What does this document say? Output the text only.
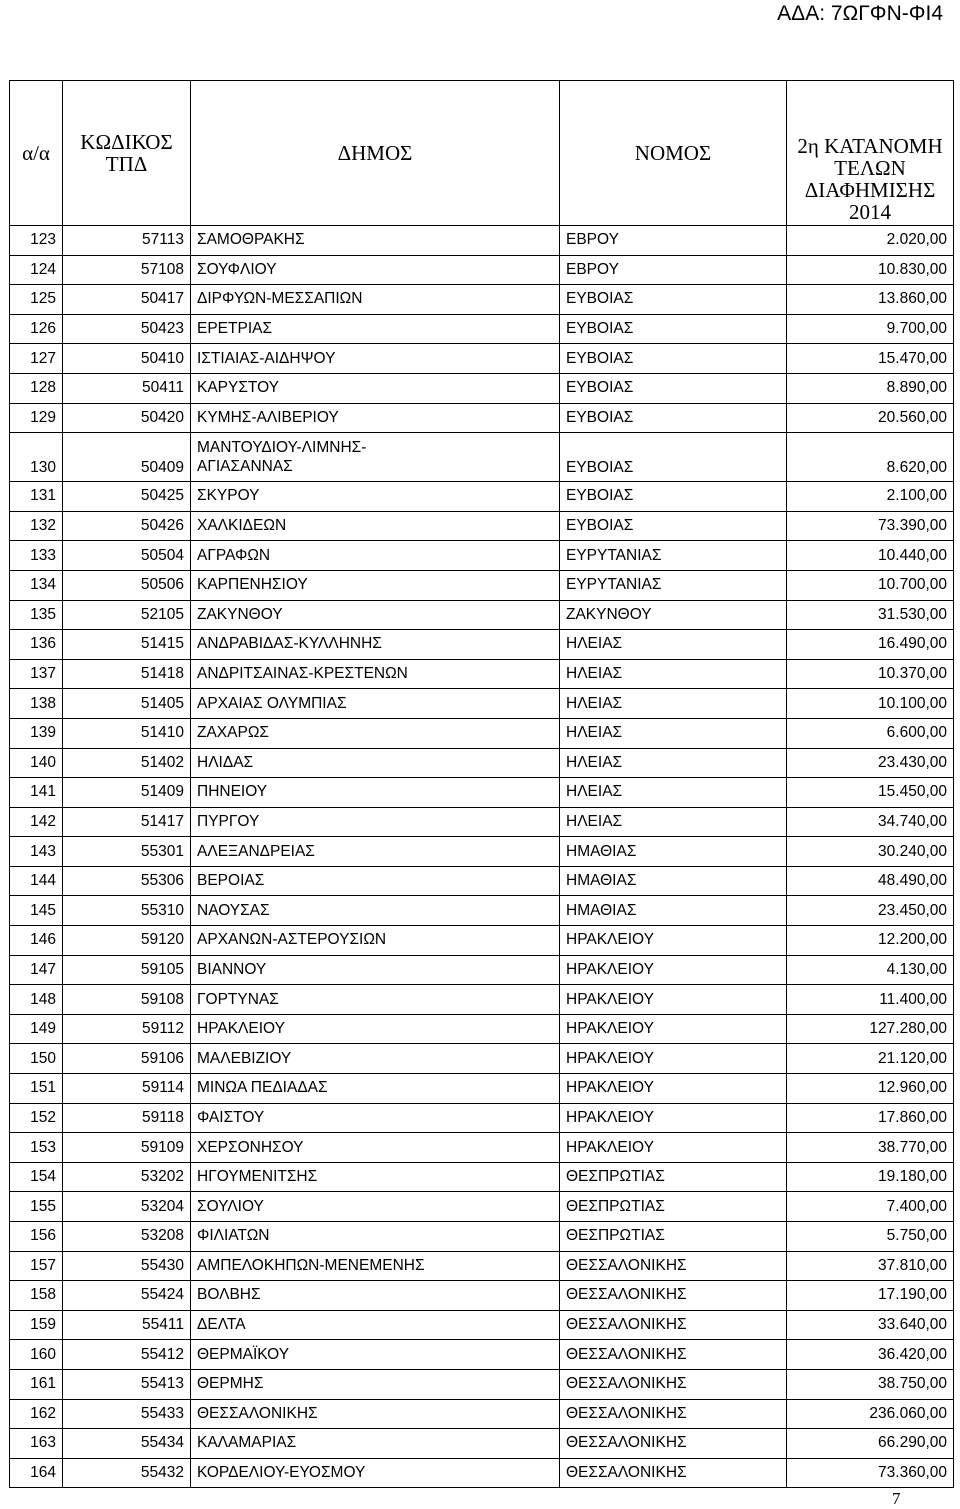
ΑΔΑ: 7ΩΓΦΝ-ΦΙ4
α/α	ΚΩΔΙΚΟΣ ΤΠΔ	ΔΗΜΟΣ	ΝΟΜΟΣ	2η ΚΑΤΑΝΟΜΗ ΤΕΛΩΝ ΔΙΑΦΗΜΙΣΗΣ 2014
123	57113	ΣΑΜΟΘΡΑΚΗΣ	ΕΒΡΟΥ	2.020,00
124	57108	ΣΟΥΦΛΙΟΥ	ΕΒΡΟΥ	10.830,00
125	50417	ΔΙΡΦΥΩΝ-ΜΕΣΣΑΠΙΩΝ	ΕΥΒΟΙΑΣ	13.860,00
126	50423	ΕΡΕΤΡΙΑΣ	ΕΥΒΟΙΑΣ	9.700,00
127	50410	ΙΣΤΙΑΙΑΣ-ΑΙΔΗΨΟΥ	ΕΥΒΟΙΑΣ	15.470,00
128	50411	ΚΑΡΥΣΤΟΥ	ΕΥΒΟΙΑΣ	8.890,00
129	50420	ΚΥΜΗΣ-ΑΛΙΒΕΡΙΟΥ	ΕΥΒΟΙΑΣ	20.560,00
130	50409	ΜΑΝΤΟΥΔΙΟΥ-ΛΙΜΝΗΣ-
ΑΓΙΑΣΑΝΝΑΣ	ΕΥΒΟΙΑΣ	8.620,00
131	50425	ΣΚΥΡΟΥ	ΕΥΒΟΙΑΣ	2.100,00
132	50426	ΧΑΛΚΙΔΕΩΝ	ΕΥΒΟΙΑΣ	73.390,00
133	50504	ΑΓΡΑΦΩΝ	ΕΥΡΥΤΑΝΙΑΣ	10.440,00
134	50506	ΚΑΡΠΕΝΗΣΙΟΥ	ΕΥΡΥΤΑΝΙΑΣ	10.700,00
135	52105	ΖΑΚΥΝΘΟΥ	ΖΑΚΥΝΘΟΥ	31.530,00
136	51415	ΑΝΔΡΑΒΙΔΑΣ-ΚΥΛΛΗΝΗΣ	ΗΛΕΙΑΣ	16.490,00
137	51418	ΑΝΔΡΙΤΣΑΙΝΑΣ-ΚΡΕΣΤΕΝΩΝ	ΗΛΕΙΑΣ	10.370,00
138	51405	ΑΡΧΑΙΑΣ ΟΛΥΜΠΙΑΣ	ΗΛΕΙΑΣ	10.100,00
139	51410	ΖΑΧΑΡΩΣ	ΗΛΕΙΑΣ	6.600,00
140	51402	ΗΛΙΔΑΣ	ΗΛΕΙΑΣ	23.430,00
141	51409	ΠΗΝΕΙΟΥ	ΗΛΕΙΑΣ	15.450,00
142	51417	ΠΥΡΓΟΥ	ΗΛΕΙΑΣ	34.740,00
143	55301	ΑΛΕΞΑΝΔΡΕΙΑΣ	ΗΜΑΘΙΑΣ	30.240,00
144	55306	ΒΕΡΟΙΑΣ	ΗΜΑΘΙΑΣ	48.490,00
145	55310	ΝΑΟΥΣΑΣ	ΗΜΑΘΙΑΣ	23.450,00
146	59120	ΑΡΧΑΝΩΝ-ΑΣΤΕΡΟΥΣΙΩΝ	ΗΡΑΚΛΕΙΟΥ	12.200,00
147	59105	ΒΙΑΝΝΟΥ	ΗΡΑΚΛΕΙΟΥ	4.130,00
148	59108	ΓΟΡΤΥΝΑΣ	ΗΡΑΚΛΕΙΟΥ	11.400,00
149	59112	ΗΡΑΚΛΕΙΟΥ	ΗΡΑΚΛΕΙΟΥ	127.280,00
150	59106	ΜΑΛΕΒΙΖΙΟΥ	ΗΡΑΚΛΕΙΟΥ	21.120,00
151	59114	ΜΙΝΩΑ ΠΕΔΙΑΔΑΣ	ΗΡΑΚΛΕΙΟΥ	12.960,00
152	59118	ΦΑΙΣΤΟΥ	ΗΡΑΚΛΕΙΟΥ	17.860,00
153	59109	ΧΕΡΣΟΝΗΣΟΥ	ΗΡΑΚΛΕΙΟΥ	38.770,00
154	53202	ΗΓΟΥΜΕΝΙΤΣΗΣ	ΘΕΣΠΡΩΤΙΑΣ	19.180,00
155	53204	ΣΟΥΛΙΟΥ	ΘΕΣΠΡΩΤΙΑΣ	7.400,00
156	53208	ΦΙΛΙΑΤΩΝ	ΘΕΣΠΡΩΤΙΑΣ	5.750,00
157	55430	ΑΜΠΕΛΟΚΗΠΩΝ-ΜΕΝΕΜΕΝΗΣ	ΘΕΣΣΑΛΟΝΙΚΗΣ	37.810,00
158	55424	ΒΟΛΒΗΣ	ΘΕΣΣΑΛΟΝΙΚΗΣ	17.190,00
159	55411	ΔΕΛΤΑ	ΘΕΣΣΑΛΟΝΙΚΗΣ	33.640,00
160	55412	ΘΕΡΜΑΪΚΟΥ	ΘΕΣΣΑΛΟΝΙΚΗΣ	36.420,00
161	55413	ΘΕΡΜΗΣ	ΘΕΣΣΑΛΟΝΙΚΗΣ	38.750,00
162	55433	ΘΕΣΣΑΛΟΝΙΚΗΣ	ΘΕΣΣΑΛΟΝΙΚΗΣ	236.060,00
163	55434	ΚΑΛΑΜΑΡΙΑΣ	ΘΕΣΣΑΛΟΝΙΚΗΣ	66.290,00
164	55432	ΚΟΡΔΕΛΙΟΥ-ΕΥΟΣΜΟΥ	ΘΕΣΣΑΛΟΝΙΚΗΣ	73.360,00
7
